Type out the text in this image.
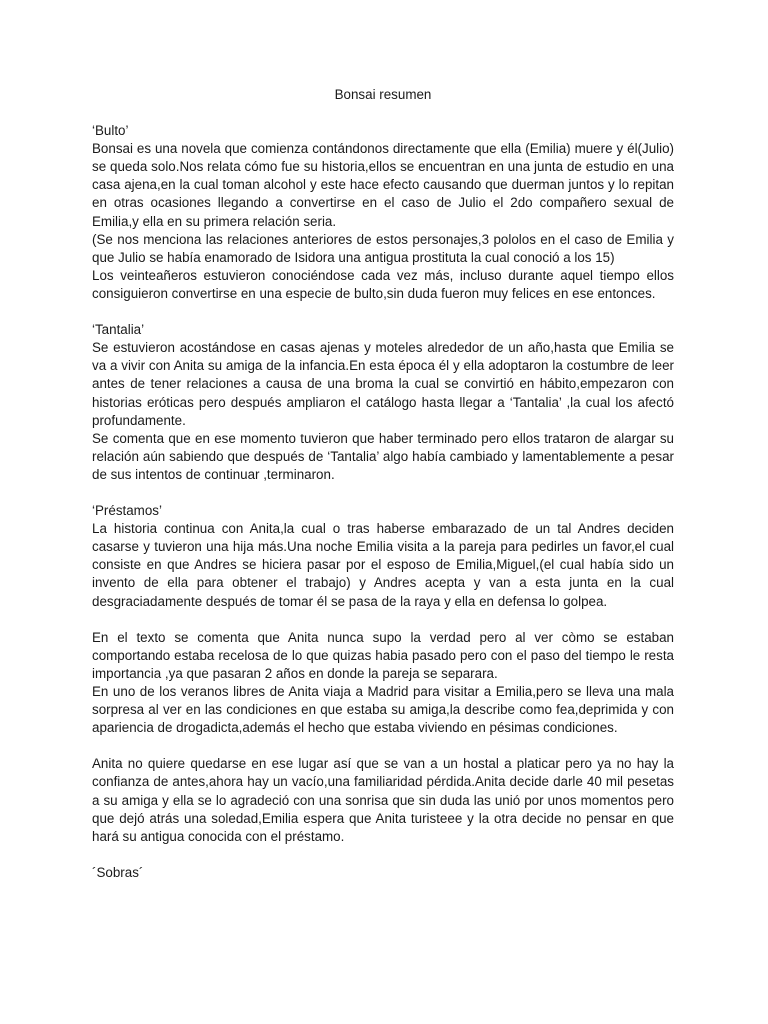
Bonsai resumen

‘Bulto’

Bonsai es una novela que comienza contándonos directamente que ella (Emilia) muere y él(Julio) se queda solo.Nos relata cómo fue su historia,ellos se encuentran en una junta de estudio en una casa ajena,en la cual toman alcohol y este hace efecto causando que duerman juntos y lo repitan en otras ocasiones llegando a convertirse en el caso de Julio el 2do compañero sexual de Emilia,y ella en su primera relación seria.

(Se nos menciona las relaciones anteriores de estos personajes,3 pololos en el caso de Emilia y que Julio se había enamorado de Isidora una antigua prostituta la cual conoció a los 15)

Los veinteañeros estuvieron conociéndose cada vez más, incluso durante aquel tiempo ellos consiguieron convertirse en una especie de bulto,sin duda fueron muy felices en ese entonces.

‘Tantalia’

Se estuvieron acostándose en casas ajenas y moteles alrededor de un año,hasta que Emilia se va a vivir con Anita su amiga de la infancia.En esta época él y ella adoptaron la costumbre de leer antes de tener relaciones a causa de una broma la cual se convirtió en hábito,empezaron con historias eróticas pero después ampliaron el catálogo hasta llegar a ‘Tantalia’ ,la cual los afectó profundamente.

Se comenta que en ese momento tuvieron que haber terminado pero ellos trataron de alargar su relación aún sabiendo que después de ‘Tantalia’ algo había cambiado y lamentablemente a pesar de sus intentos de continuar ,terminaron.

‘Préstamos’

La historia continua con Anita,la cual o tras haberse embarazado de un tal Andres deciden casarse y tuvieron una hija más.Una noche Emilia visita a la pareja para pedirles un favor,el cual consiste en que Andres se hiciera pasar por el esposo de Emilia,Miguel,(el cual había sido un invento de ella para obtener el trabajo) y Andres acepta y van a esta junta en la cual desgraciadamente después de tomar él se pasa de la raya y ella en defensa lo golpea.

En el texto se comenta que Anita nunca supo la verdad pero al ver còmo se estaban comportando estaba recelosa de lo que quizas habia pasado pero con el paso del tiempo le resta importancia ,ya que pasaran 2 años en donde la pareja se separara.

En uno de los veranos libres de Anita viaja a Madrid para visitar a Emilia,pero se lleva una mala sorpresa al ver en las condiciones en que estaba su amiga,la describe como fea,deprimida y con apariencia de drogadicta,además el hecho que estaba viviendo en pésimas condiciones.

Anita no quiere quedarse en ese lugar así que se van a un hostal a platicar pero ya no hay la confianza de antes,ahora hay un vacío,una familiaridad pérdida.Anita decide darle 40 mil pesetas a su amiga y ella se lo agradeció con una sonrisa que sin duda las unió por unos momentos pero que dejó atrás una soledad,Emilia espera que Anita turisteee y la otra decide no pensar en que hará su antigua conocida con el préstamo.

´Sobras´
